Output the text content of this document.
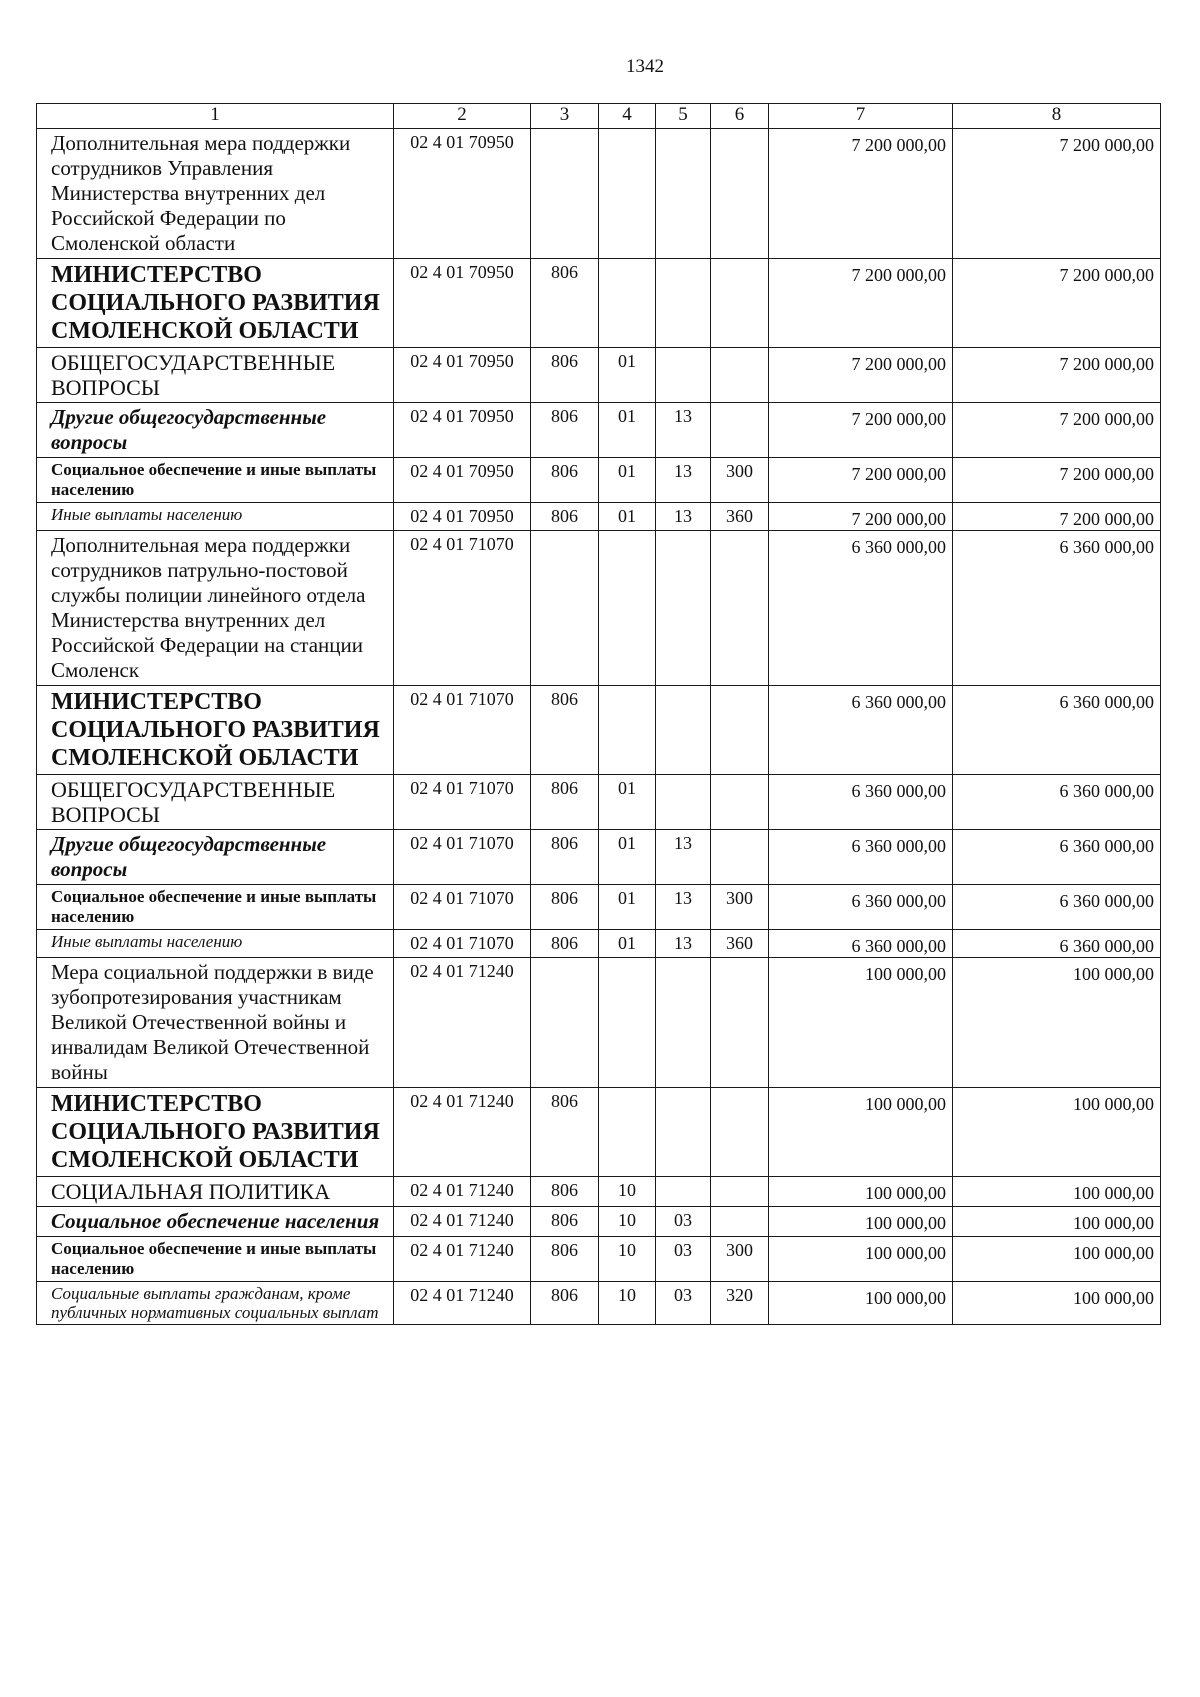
1342
1	2	3	4	5	6	7	8
Дополнительная мера поддержки сотрудников Управления Министерства внутренних дел Российской Федерации по Смоленской области	02 4 01 70950					7 200 000,00	7 200 000,00
МИНИСТЕРСТВО СОЦИАЛЬНОГО РАЗВИТИЯ СМОЛЕНСКОЙ ОБЛАСТИ	02 4 01 70950	806				7 200 000,00	7 200 000,00
ОБЩЕГОСУДАРСТВЕННЫЕ ВОПРОСЫ	02 4 01 70950	806	01			7 200 000,00	7 200 000,00
Другие общегосударственные вопросы	02 4 01 70950	806	01	13		7 200 000,00	7 200 000,00
Социальное обеспечение и иные выплаты населению	02 4 01 70950	806	01	13	300	7 200 000,00	7 200 000,00
Иные выплаты населению	02 4 01 70950	806	01	13	360	7 200 000,00	7 200 000,00
Дополнительная мера поддержки сотрудников патрульно-постовой службы полиции линейного отдела Министерства внутренних дел Российской Федерации на станции Смоленск	02 4 01 71070					6 360 000,00	6 360 000,00
МИНИСТЕРСТВО СОЦИАЛЬНОГО РАЗВИТИЯ СМОЛЕНСКОЙ ОБЛАСТИ	02 4 01 71070	806				6 360 000,00	6 360 000,00
ОБЩЕГОСУДАРСТВЕННЫЕ ВОПРОСЫ	02 4 01 71070	806	01			6 360 000,00	6 360 000,00
Другие общегосударственные вопросы	02 4 01 71070	806	01	13		6 360 000,00	6 360 000,00
Социальное обеспечение и иные выплаты населению	02 4 01 71070	806	01	13	300	6 360 000,00	6 360 000,00
Иные выплаты населению	02 4 01 71070	806	01	13	360	6 360 000,00	6 360 000,00
Мера социальной поддержки в виде зубопротезирования участникам Великой Отечественной войны и инвалидам Великой Отечественной войны	02 4 01 71240					100 000,00	100 000,00
МИНИСТЕРСТВО СОЦИАЛЬНОГО РАЗВИТИЯ СМОЛЕНСКОЙ ОБЛАСТИ	02 4 01 71240	806				100 000,00	100 000,00
СОЦИАЛЬНАЯ ПОЛИТИКА	02 4 01 71240	806	10			100 000,00	100 000,00
Социальное обеспечение населения	02 4 01 71240	806	10	03		100 000,00	100 000,00
Социальное обеспечение и иные выплаты населению	02 4 01 71240	806	10	03	300	100 000,00	100 000,00
Социальные выплаты гражданам, кроме публичных нормативных социальных выплат	02 4 01 71240	806	10	03	320	100 000,00	100 000,00
